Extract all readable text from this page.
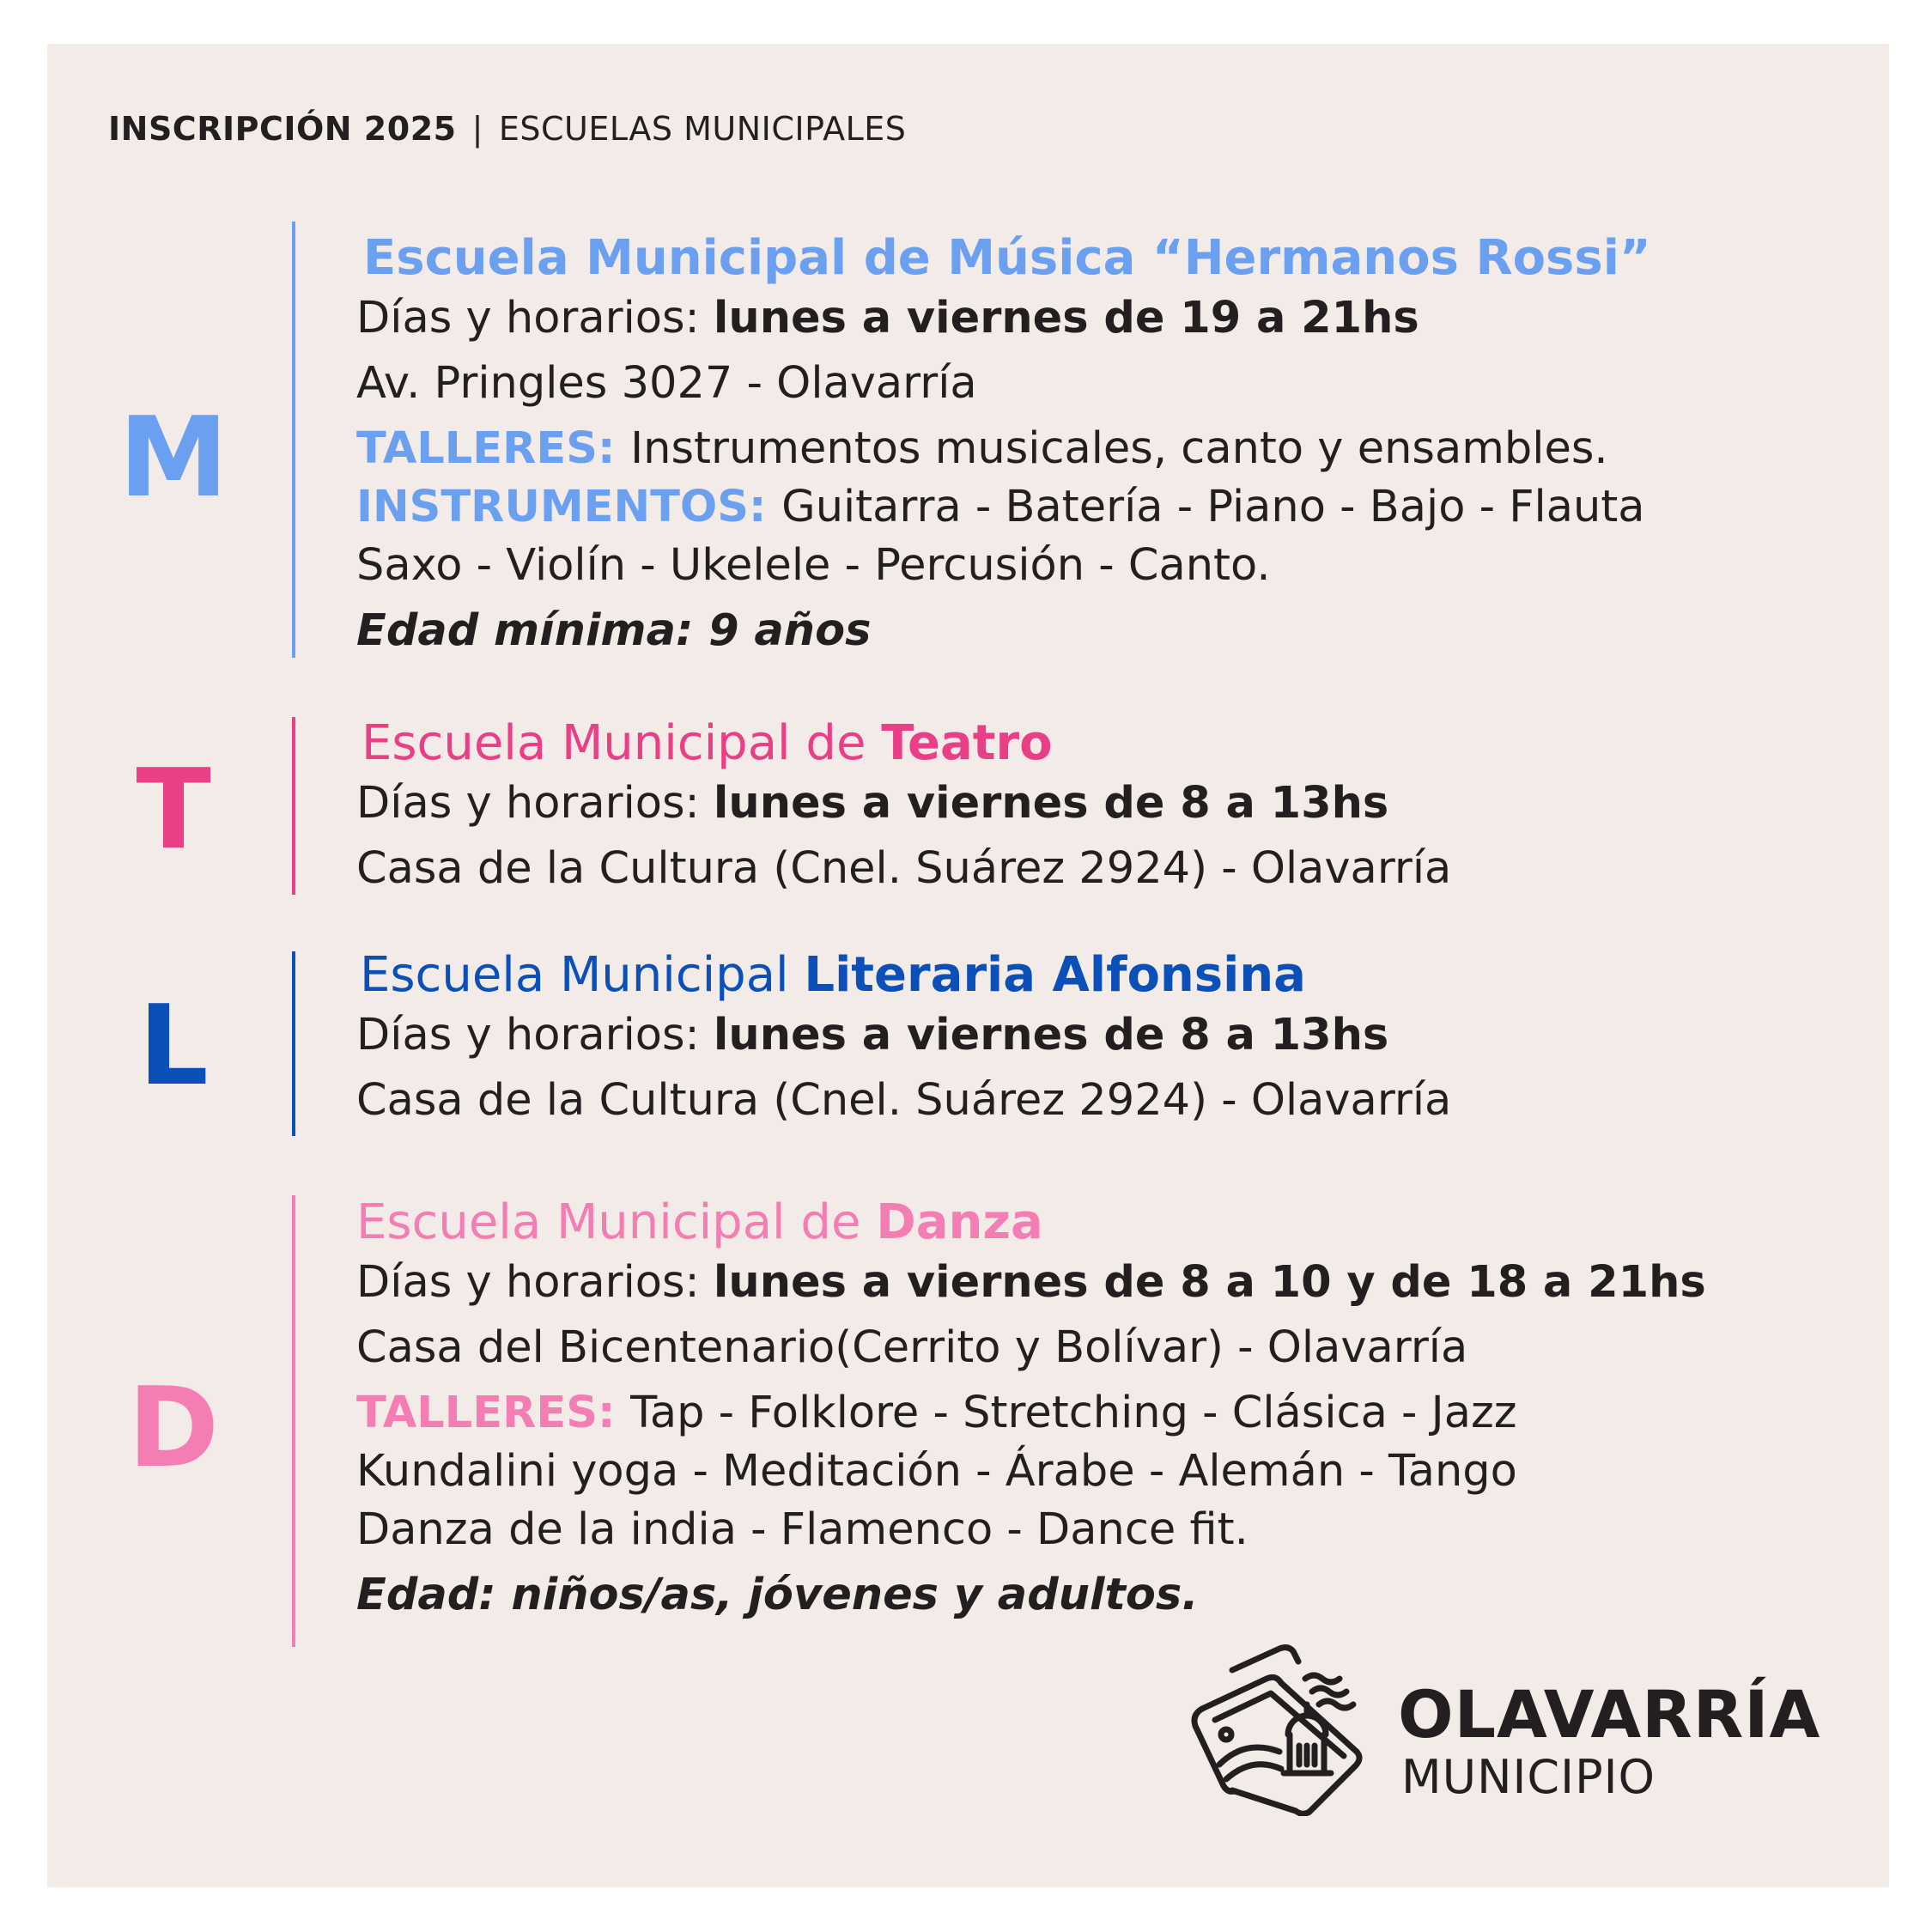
INSCRIPCIÓN 2025 | ESCUELAS MUNICIPALES
M

Escuela Municipal de Música “Hermanos Rossi”

Días y horarios: lunes a viernes de 19 a 21hs

Av. Pringles 3027 - Olavarría

TALLERES: Instrumentos musicales, canto y ensambles.

INSTRUMENTOS: Guitarra - Batería - Piano - Bajo - Flauta

Saxo - Violín - Ukelele - Percusión - Canto.

Edad mínima: 9 años

T

Escuela Municipal de Teatro

Días y horarios: lunes a viernes de 8 a 13hs

Casa de la Cultura (Cnel. Suárez 2924) - Olavarría

L

Escuela Municipal Literaria Alfonsina

Días y horarios: lunes a viernes de 8 a 13hs

Casa de la Cultura (Cnel. Suárez 2924) - Olavarría

D

Escuela Municipal de Danza

Días y horarios: lunes a viernes de 8 a 10 y de 18 a 21hs

Casa del Bicentenario(Cerrito y Bolívar) - Olavarría

TALLERES: Tap - Folklore - Stretching - Clásica - Jazz

Kundalini yoga - Meditación - Árabe - Alemán - Tango

Danza de la india - Flamenco - Dance fit.

Edad: niños/as, jóvenes y adultos.

OLAVARRÍA
MUNICIPIO
